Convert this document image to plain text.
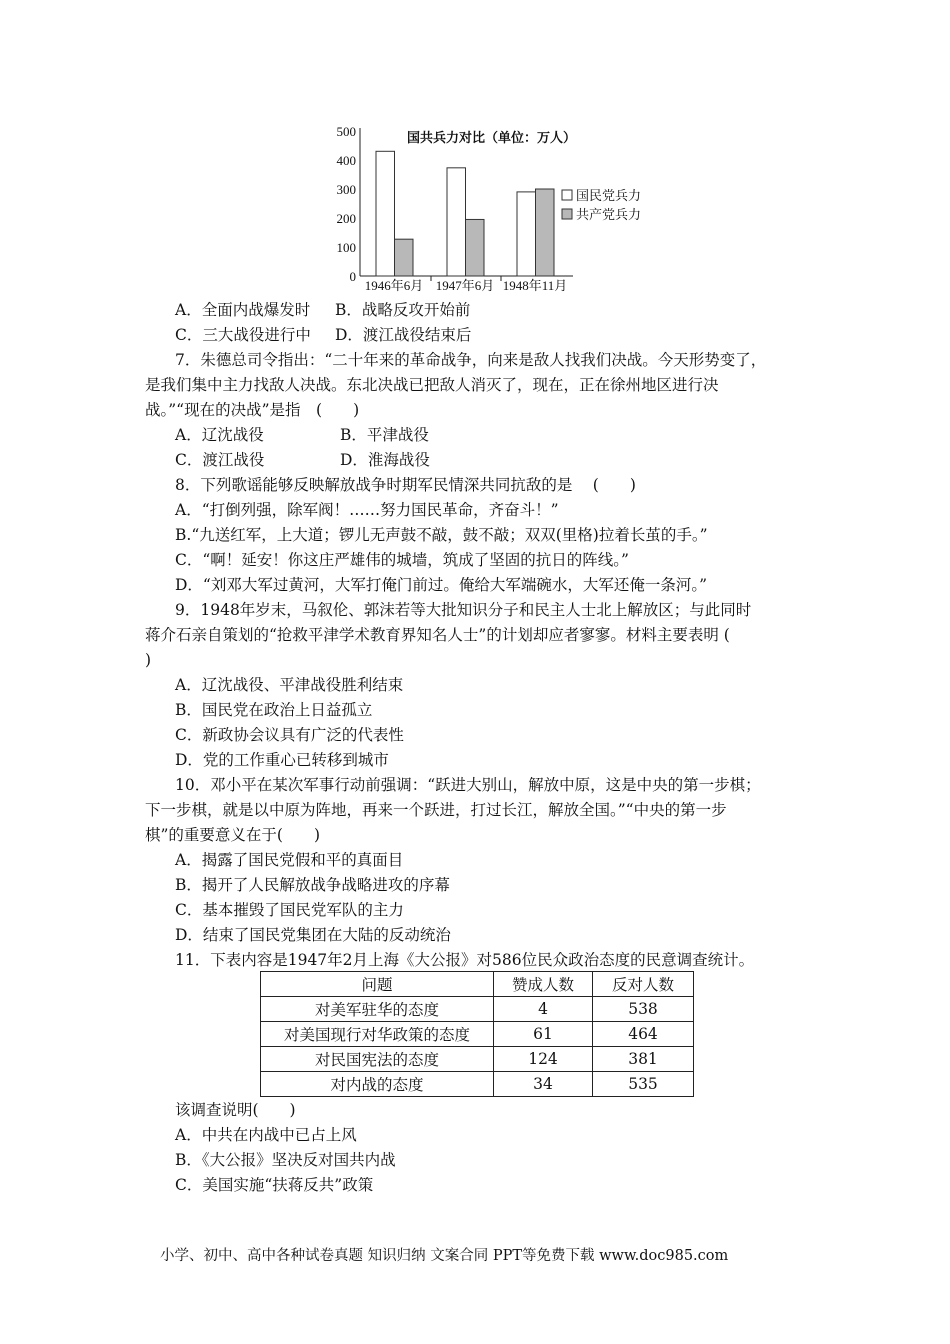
国共兵力对比（单位：万人）
0
100
200
300
400
500
1946年6月 1947年6月 1948年11月
国民党兵力
共产党兵力
A．全面内战爆发时 B．战略反攻开始前
C．三大战役进行中 D．渡江战役结束后
7．朱德总司令指出：“二十年来的革命战争，向来是敌人找我们决战。今天形势变了，
是我们集中主力找敌人决战。东北决战已把敌人消灭了，现在，正在徐州地区进行决
战。”“现在的决战”是指　(　　)
A．辽沈战役	B．平津战役
C．渡江战役	D．淮海战役
8．下列歌谣能够反映解放战争时期军民情深共同抗敌的是　 (　　)
A．“打倒列强，除军阀！……努力国民革命，齐奋斗！”
B.“九送红军，上大道；锣儿无声鼓不敲，鼓不敲；双双(里格)拉着长茧的手。”
C．“啊！延安！你这庄严雄伟的城墙，筑成了坚固的抗日的阵线。”
D．“刘邓大军过黄河，大军打俺门前过。俺给大军端碗水，大军还俺一条河。”
9．1948年岁末，马叙伦、郭沫若等大批知识分子和民主人士北上解放区；与此同时
蒋介石亲自策划的“抢救平津学术教育界知名人士”的计划却应者寥寥。材料主要表明 (
)
A．辽沈战役、平津战役胜利结束
B．国民党在政治上日益孤立
C．新政协会议具有广泛的代表性
D．党的工作重心已转移到城市
10．邓小平在某次军事行动前强调：“跃进大别山，解放中原，这是中央的第一步棋；
下一步棋，就是以中原为阵地，再来一个跃进，打过长江，解放全国。”“中央的第一步
棋”的重要意义在于(　　)
A．揭露了国民党假和平的真面目
B．揭开了人民解放战争战略进攻的序幕
C．基本摧毁了国民党军队的主力
D．结束了国民党集团在大陆的反动统治
11．下表内容是1947年2月上海《大公报》对586位民众政治态度的民意调查统计。
该调查说明(　　)
A．中共在内战中已占上风
B．《大公报》坚决反对国共内战
C．美国实施“扶蒋反共”政策
问题	赞成人数	反对人数
对美军驻华的态度	4	538
对美国现行对华政策的态度	61	464
对民国宪法的态度	124	381
对内战的态度	34	535
小学、初中、高中各种试卷真题 知识归纳 文案合同 PPT等免费下载 www.doc985.com
